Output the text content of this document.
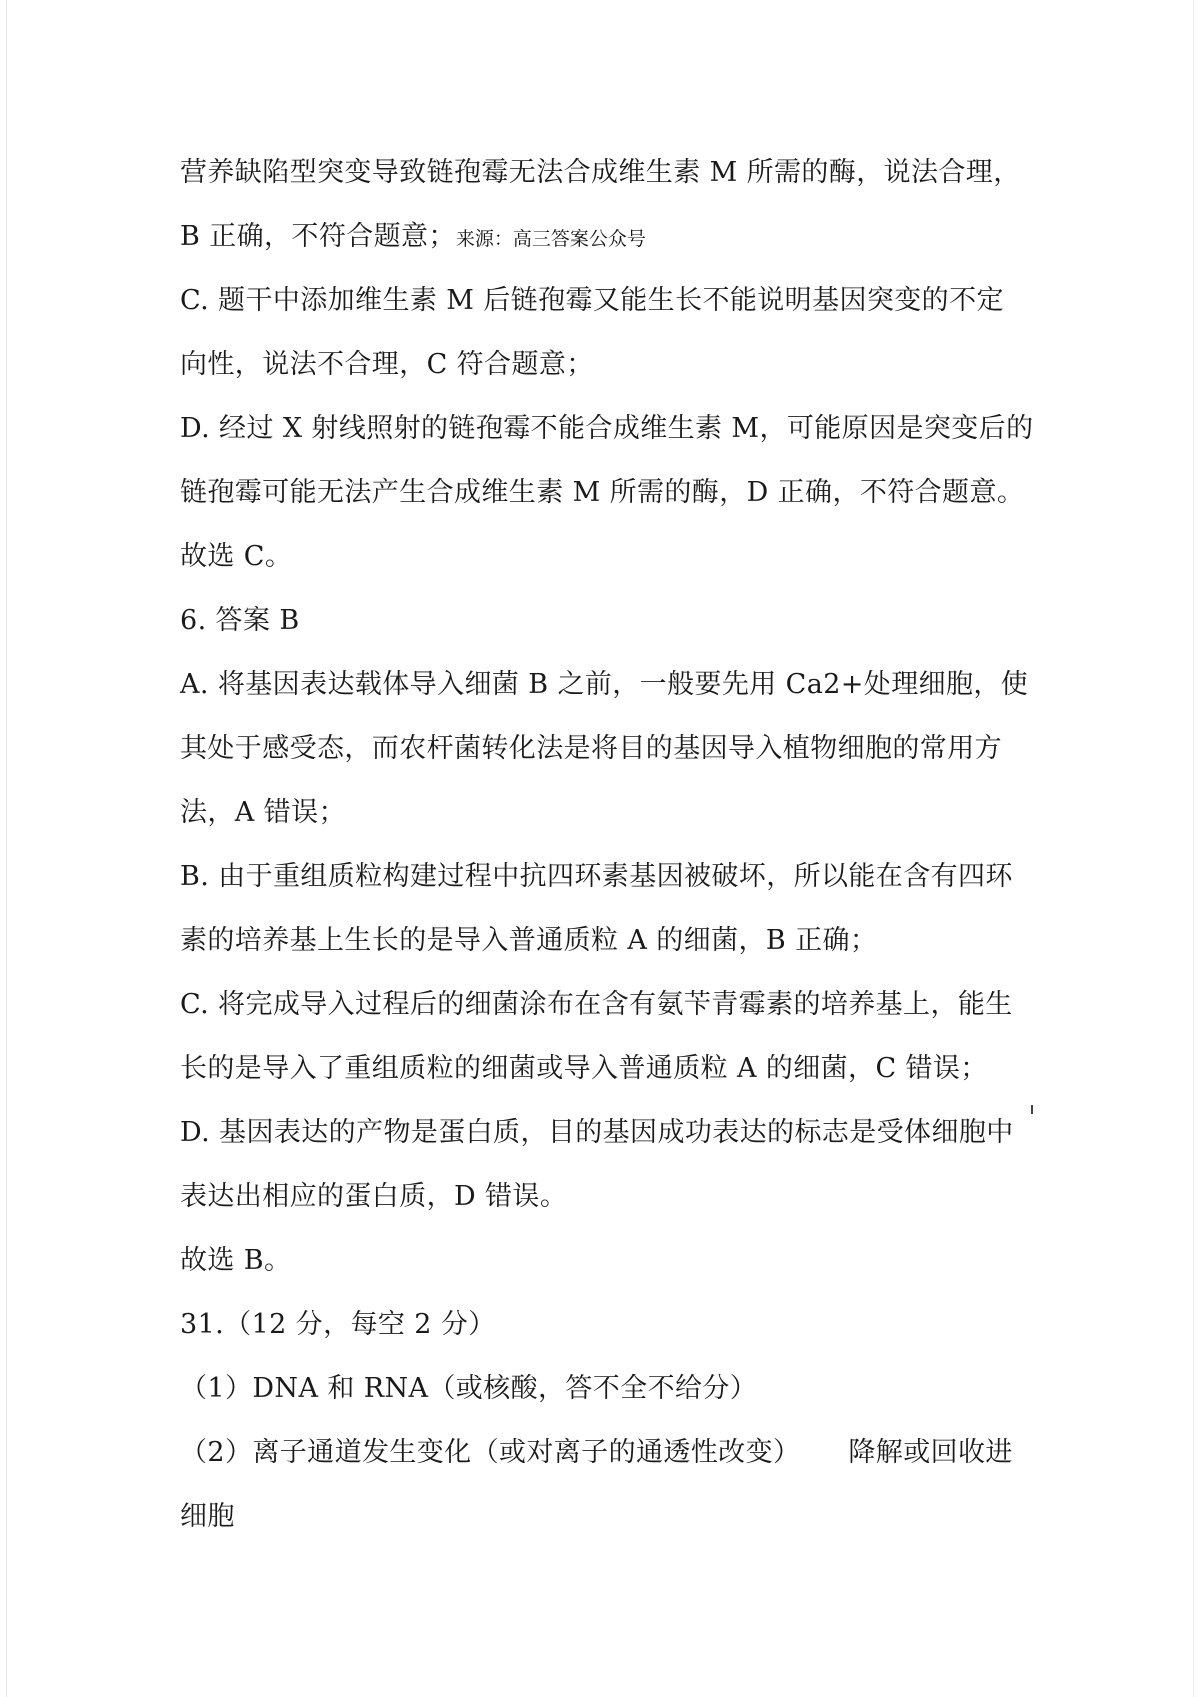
营养缺陷型突变导致链孢霉无法合成维生素 M 所需的酶，说法合理，
B 正确，不符合题意；来源：高三答案公众号
C. 题干中添加维生素 M 后链孢霉又能生长不能说明基因突变的不定
向性，说法不合理，C 符合题意；
D. 经过 X 射线照射的链孢霉不能合成维生素 M，可能原因是突变后的
链孢霉可能无法产生合成维生素 M 所需的酶，D 正确，不符合题意。
故选 C。
6. 答案 B
A. 将基因表达载体导入细菌 B 之前，一般要先用 Ca2+处理细胞，使
其处于感受态，而农杆菌转化法是将目的基因导入植物细胞的常用方
法，A 错误；
B. 由于重组质粒构建过程中抗四环素基因被破坏，所以能在含有四环
素的培养基上生长的是导入普通质粒 A 的细菌，B 正确；
C. 将完成导入过程后的细菌涂布在含有氨苄青霉素的培养基上，能生
长的是导入了重组质粒的细菌或导入普通质粒 A 的细菌，C 错误；
D. 基因表达的产物是蛋白质，目的基因成功表达的标志是受体细胞中
表达出相应的蛋白质，D 错误。
故选 B。
31.（12 分，每空 2 分）
（1）DNA 和 RNA（或核酸，答不全不给分）
（2）离子通道发生变化（或对离子的通透性改变） 降解或回收进
细胞
